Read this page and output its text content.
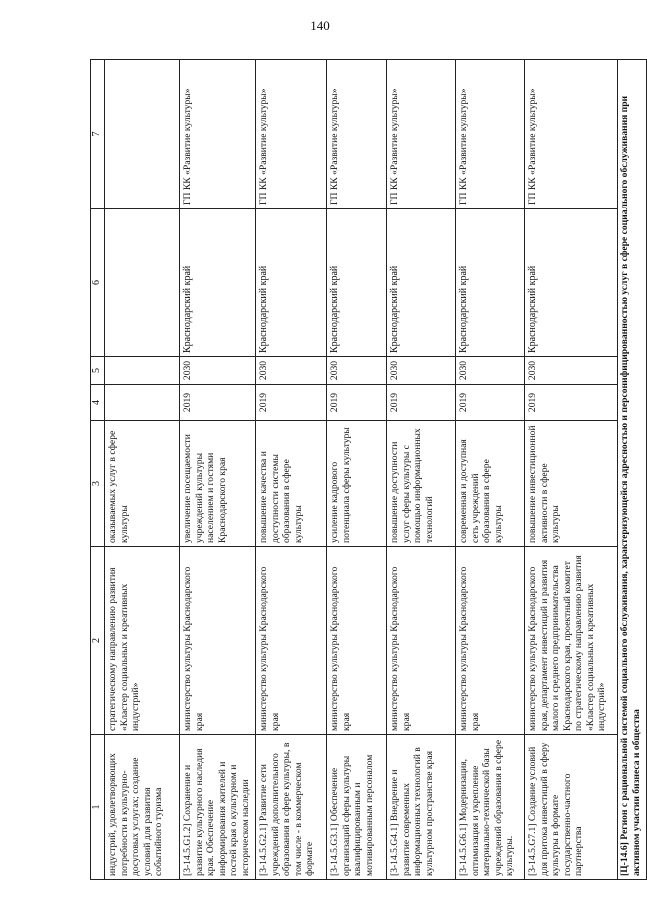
140
1	2	3	4	5	6	7
индустрий, удовлетворяющих потребности в культурно-досуговых услугах; создание условий для развития событийного туризма	стратегическому направлению развития «Кластер социальных и креативных индустрий»	оказываемых услуг в сфере культуры				
[3-14.5.G1.2] Сохранение и развитие культурного наследия края. Обеспечение информирования жителей и гостей края о культурном и историческом наследии	министерство культуры Краснодарского края	увеличение посещаемости учреждений культуры населением и гостями Краснодарского края	2019	2030	Краснодарский край	ГП КК «Развитие культуры»
[3-14.5.G2.1] Развитие сети учреждений дополнительного образования в сфере культуры, в том числе - в коммерческом формате	министерство культуры Краснодарского края	повышение качества и доступности системы образования в сфере культуры	2019	2030	Краснодарский край	ГП КК «Развитие культуры»
[3-14.5.G3.1] Обеспечение организаций сферы культуры квалифицированным и мотивированным персоналом	министерство культуры Краснодарского края	усиление кадрового потенциала сферы культуры	2019	2030	Краснодарский край	ГП КК «Развитие культуры»
[3-14.5.G4.1] Внедрение и развитие современных информационных технологий в культурном пространстве края	министерство культуры Краснодарского края	повышение доступности услуг сферы культуры с помощью информационных технологий	2019	2030	Краснодарский край	ГП КК «Развитие культуры»
[3-14.5.G6.1] Модернизация, оптимизация и укрепление материально-технической базы учреждений образования в сфере культуры.	министерство культуры Краснодарского края	современная и доступная сеть учреждений образования в сфере культуры	2019	2030	Краснодарский край	ГП КК «Развитие культуры»
[3-14.5.G7.1] Создание условий для притока инвестиций в сферу культуры в формате государственно-частного партнерства	министерство культуры Краснодарского края, департамент инвестиций и развития малого и среднего предпринимательства Краснодарского края, проектный комитет по стратегическому направлению развития «Кластер социальных и креативных индустрий»	повышение инвестиционной активности в сфере культуры	2019	2030	Краснодарский край	ГП КК «Развитие культуры»
[Ц-14.6] Регион с рациональной системой социального обслуживания, характеризующейся адресностью и персонифицированностью услуг в сфере социального обслуживания при активном участии бизнеса и общества						
